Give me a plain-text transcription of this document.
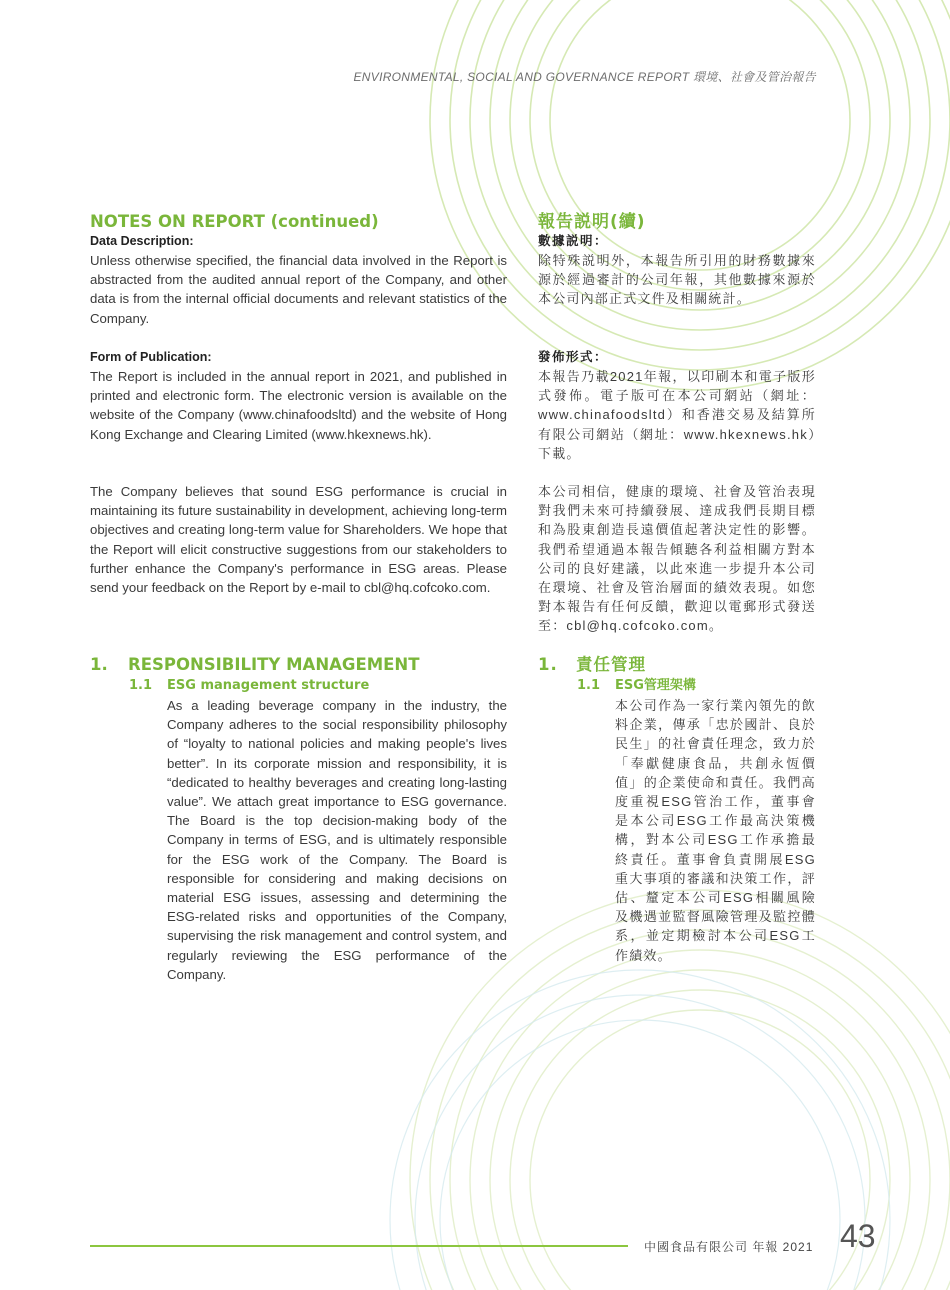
ENVIRONMENTAL, SOCIAL AND GOVERNANCE REPORT 環境、社會及管治報告
NOTES ON REPORT (continued)
Data Description:

Unless otherwise specified, the financial data involved in the Report is abstracted from the audited annual report of the Company, and other data is from the internal official documents and relevant statistics of the Company.

Form of Publication:

The Report is included in the annual report in 2021, and published in printed and electronic form. The electronic version is available on the website of the Company (www.chinafoodsltd) and the website of Hong Kong Exchange and Clearing Limited (www.hkexnews.hk).

The Company believes that sound ESG performance is crucial in maintaining its future sustainability in development, achieving long-term objectives and creating long-term value for Shareholders. We hope that the Report will elicit constructive suggestions from our stakeholders to further enhance the Company's performance in ESG areas. Please send your feedback on the Report by e-mail to cbl@hq.cofcoko.com.

1. RESPONSIBILITY MANAGEMENT
1.1 ESG management structure

As a leading beverage company in the industry, the Company adheres to the social responsibility philosophy of “loyalty to national policies and making people's lives better”. In its corporate mission and responsibility, it is “dedicated to healthy beverages and creating long-lasting value”. We attach great importance to ESG governance. The Board is the top decision-making body of the Company in terms of ESG, and is ultimately responsible for the ESG work of the Company. The Board is responsible for considering and making decisions on material ESG issues, assessing and determining the ESG-related risks and opportunities of the Company, supervising the risk management and control system, and regularly reviewing the ESG performance of the Company.

報告説明(續)
數據説明：

除特殊説明外，本報告所引用的財務數據來源於經過審計的公司年報，其他數據來源於本公司內部正式文件及相關統計。

發佈形式：

本報告乃載2021年報，以印刷本和電子版形式發佈。電子版可在本公司網站（網址：www.chinafoodsltd）和香港交易及結算所有限公司網站（網址：www.hkexnews.hk）下載。

本公司相信，健康的環境、社會及管治表現對我們未來可持續發展、達成我們長期目標和為股東創造長遠價值起著決定性的影響。我們希望通過本報告傾聽各利益相關方對本公司的良好建議，以此來進一步提升本公司在環境、社會及管治層面的績效表現。如您對本報告有任何反饋，歡迎以電郵形式發送至：cbl@hq.cofcoko.com。

1. 責任管理
1.1 ESG管理架構

本公司作為一家行業內領先的飲料企業，傳承「忠於國計、良於民生」的社會責任理念，致力於「奉獻健康食品，共創永恆價值」的企業使命和責任。我們高度重視ESG管治工作，董事會是本公司ESG工作最高決策機構，對本公司ESG工作承擔最終責任。董事會負責開展ESG重大事項的審議和決策工作，評估、釐定本公司ESG相關風險及機遇並監督風險管理及監控體系，並定期檢討本公司ESG工作績效。

中國食品有限公司 年報 2021 43
